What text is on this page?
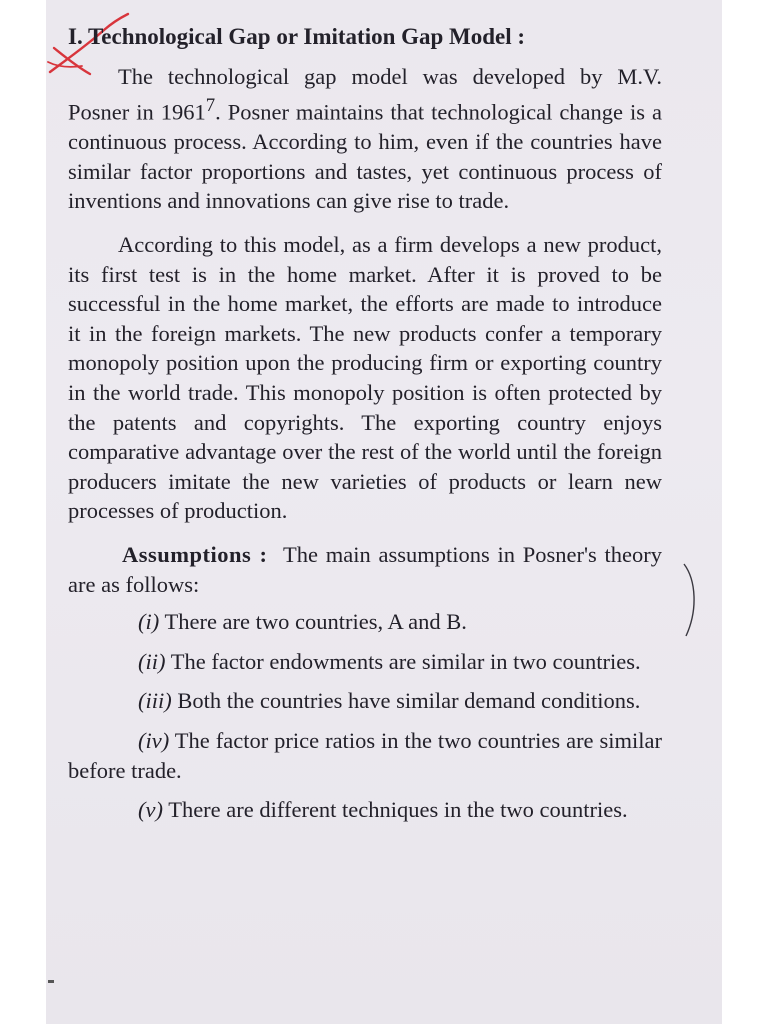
I. Technological Gap or Imitation Gap Model :

The technological gap model was developed by M.V. Posner in 1961$^7$. Posner maintains that technological change is a continuous process. According to him, even if the countries have similar factor proportions and tastes, yet continuous process of inventions and innovations can give rise to trade.

According to this model, as a firm develops a new product, its first test is in the home market. After it is proved to be successful in the home market, the efforts are made to introduce it in the foreign markets. The new products confer a temporary monopoly position upon the producing firm or exporting country in the world trade. This monopoly position is often protected by the patents and copyrights. The exporting country enjoys comparative advantage over the rest of the world until the foreign producers imitate the new varieties of products or learn new processes of production.

Assumptions : The main assumptions in Posner's theory are as follows:

(i) There are two countries, A and B.
(ii) The factor endowments are similar in two countries.
(iii) Both the countries have similar demand conditions.
(iv) The factor price ratios in the two countries are similar before trade.
(v) There are different techniques in the two countries.
